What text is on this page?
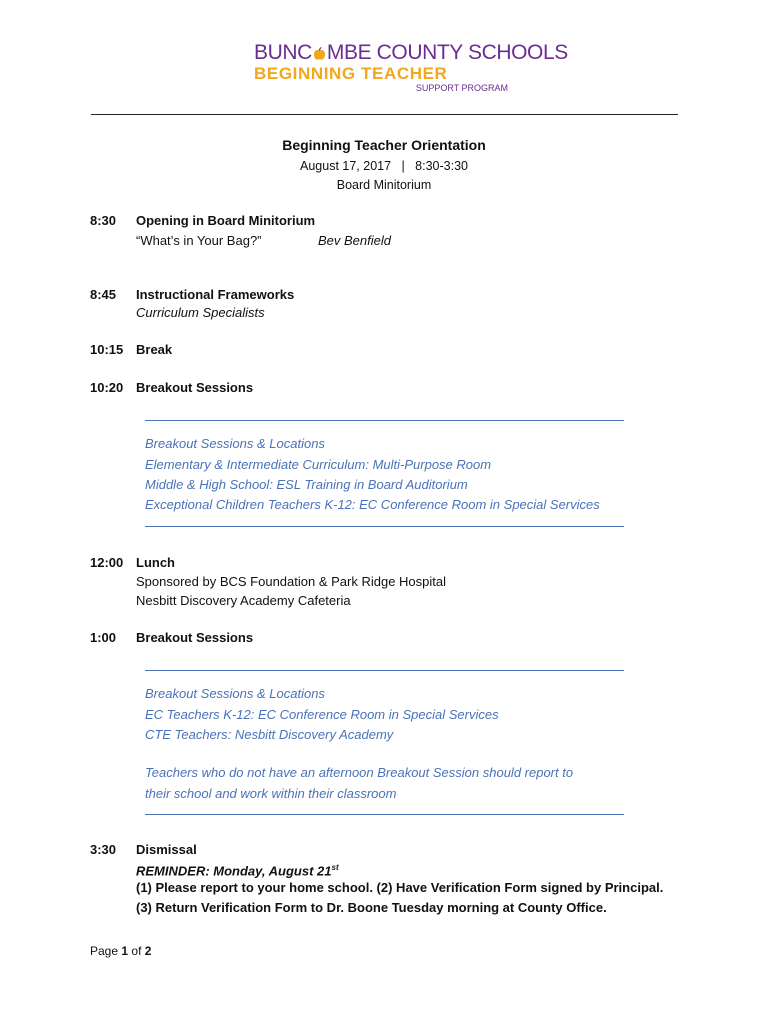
BUNC MBE COUNTY SCHOOLS
BEGINNING TEACHER
SUPPORT PROGRAM
Beginning Teacher Orientation
August 17, 2017 | 8:30-3:30
Board Minitorium
8:30 Opening in Board Minitorium
“What’s in Your Bag?”	Bev Benfield
8:45 Instructional Frameworks
Curriculum Specialists
10:15 Break
10:20 Breakout Sessions
Breakout Sessions & Locations
Elementary & Intermediate Curriculum: Multi-Purpose Room
Middle & High School: ESL Training in Board Auditorium
Exceptional Children Teachers K-12: EC Conference Room in Special Services
12:00 Lunch
Sponsored by BCS Foundation & Park Ridge Hospital
Nesbitt Discovery Academy Cafeteria
1:00 Breakout Sessions
Breakout Sessions & Locations
EC Teachers K-12: EC Conference Room in Special Services
CTE Teachers: Nesbitt Discovery Academy
Teachers who do not have an afternoon Breakout Session should report to
their school and work within their classroom
3:30 Dismissal
REMINDER: Monday, August 21st
(1) Please report to your home school. (2) Have Verification Form signed by Principal.
(3) Return Verification Form to Dr. Boone Tuesday morning at County Office.
Page 1 of 2
